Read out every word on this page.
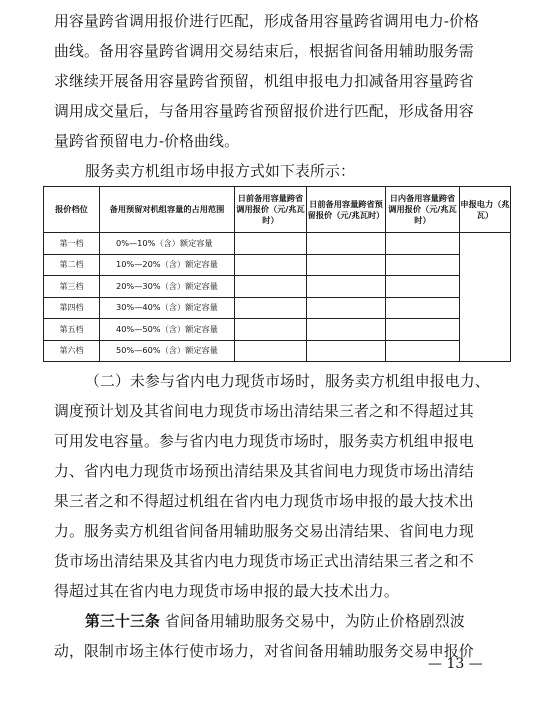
用容量跨省调用报价进行匹配，形成备用容量跨省调用电力-价格
曲线。备用容量跨省调用交易结束后，根据省间备用辅助服务需
求继续开展备用容量跨省预留，机组申报电力扣减备用容量跨省
调用成交量后，与备用容量跨省预留报价进行匹配，形成备用容
量跨省预留电力-价格曲线。
服务卖方机组市场申报方式如下表所示：
报价档位	备用预留对机组容量的占用范围	日前备用容量跨省调用报价（元/兆瓦时）	日前备用容量跨省预留报价（元/兆瓦时）	日内备用容量跨省调用报价（元/兆瓦时）	申报电力（兆瓦）
第一档	0%—10%（含）额定容量				
第二档	10%—20%（含）额定容量				
第三档	20%—30%（含）额定容量				
第四档	30%—40%（含）额定容量				
第五档	40%—50%（含）额定容量				
第六档	50%—60%（含）额定容量				
（二）未参与省内电力现货市场时，服务卖方机组申报电力、
调度预计划及其省间电力现货市场出清结果三者之和不得超过其
可用发电容量。参与省内电力现货市场时，服务卖方机组申报电
力、省内电力现货市场预出清结果及其省间电力现货市场出清结
果三者之和不得超过机组在省内电力现货市场申报的最大技术出
力。服务卖方机组省间备用辅助服务交易出清结果、省间电力现
货市场出清结果及其省内电力现货市场正式出清结果三者之和不
得超过其在省内电力现货市场申报的最大技术出力。
第三十三条 省间备用辅助服务交易中，为防止价格剧烈波
动，限制市场主体行使市场力，对省间备用辅助服务交易申报价
— 13 —
